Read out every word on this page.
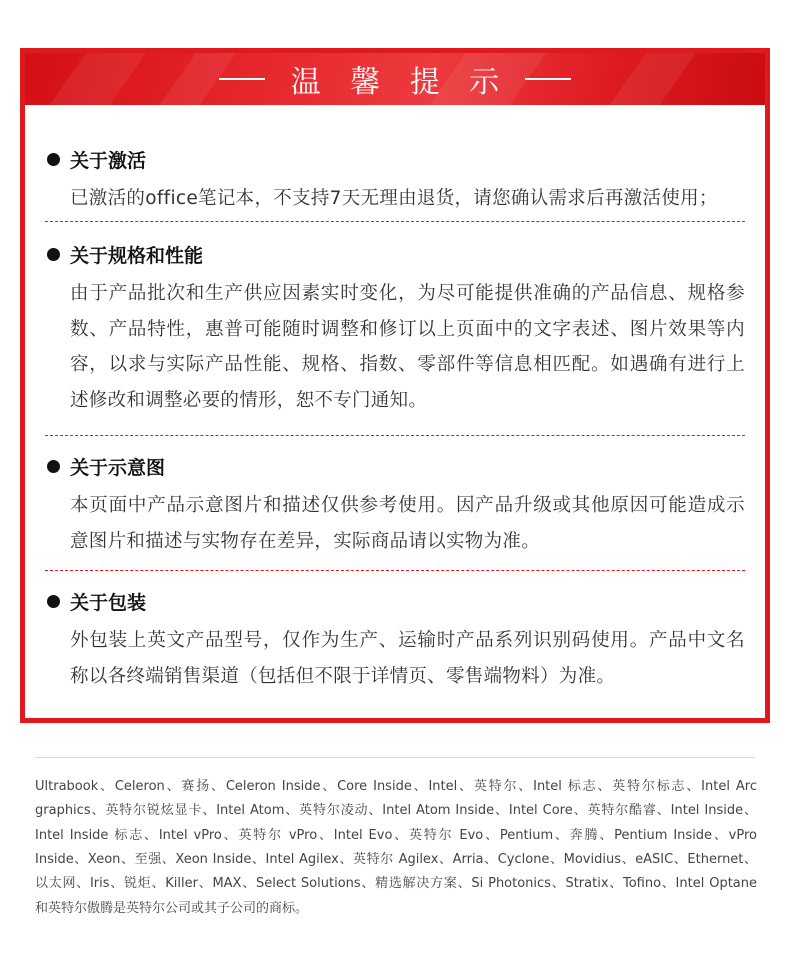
温 馨 提 示
关于激活
已激活的office笔记本，不支持7天无理由退货，请您确认需求后再激活使用；
关于规格和性能
由于产品批次和生产供应因素实时变化，为尽可能提供准确的产品信息、规格参数、产品特性，惠普可能随时调整和修订以上页面中的文字表述、图片效果等内容，以求与实际产品性能、规格、指数、零部件等信息相匹配。如遇确有进行上述修改和调整必要的情形，恕不专门通知。
关于示意图
本页面中产品示意图片和描述仅供参考使用。因产品升级或其他原因可能造成示意图片和描述与实物存在差异，实际商品请以实物为准。
关于包装
外包装上英文产品型号，仅作为生产、运输时产品系列识别码使用。产品中文名称以各终端销售渠道（包括但不限于详情页、零售端物料）为准。
Ultrabook、Celeron、赛扬、Celeron Inside、Core Inside、Intel、英特尔、Intel 标志、英特尔标志、Intel Arc
graphics、英特尔锐炫显卡、Intel Atom、英特尔凌动、Intel Atom Inside、Intel Core、英特尔酷睿、Intel Inside、
Intel Inside 标志、Intel vPro、英特尔 vPro、Intel Evo、英特尔 Evo、Pentium、奔腾、Pentium Inside、vPro
Inside、Xeon、至强、Xeon Inside、Intel Agilex、英特尔 Agilex、Arria、Cyclone、Movidius、eASIC、Ethernet、
以太网、Iris、锐炬、Killer、MAX、Select Solutions、精选解决方案、Si Photonics、Stratix、Tofino、Intel Optane
和英特尔傲腾是英特尔公司或其子公司的商标。
